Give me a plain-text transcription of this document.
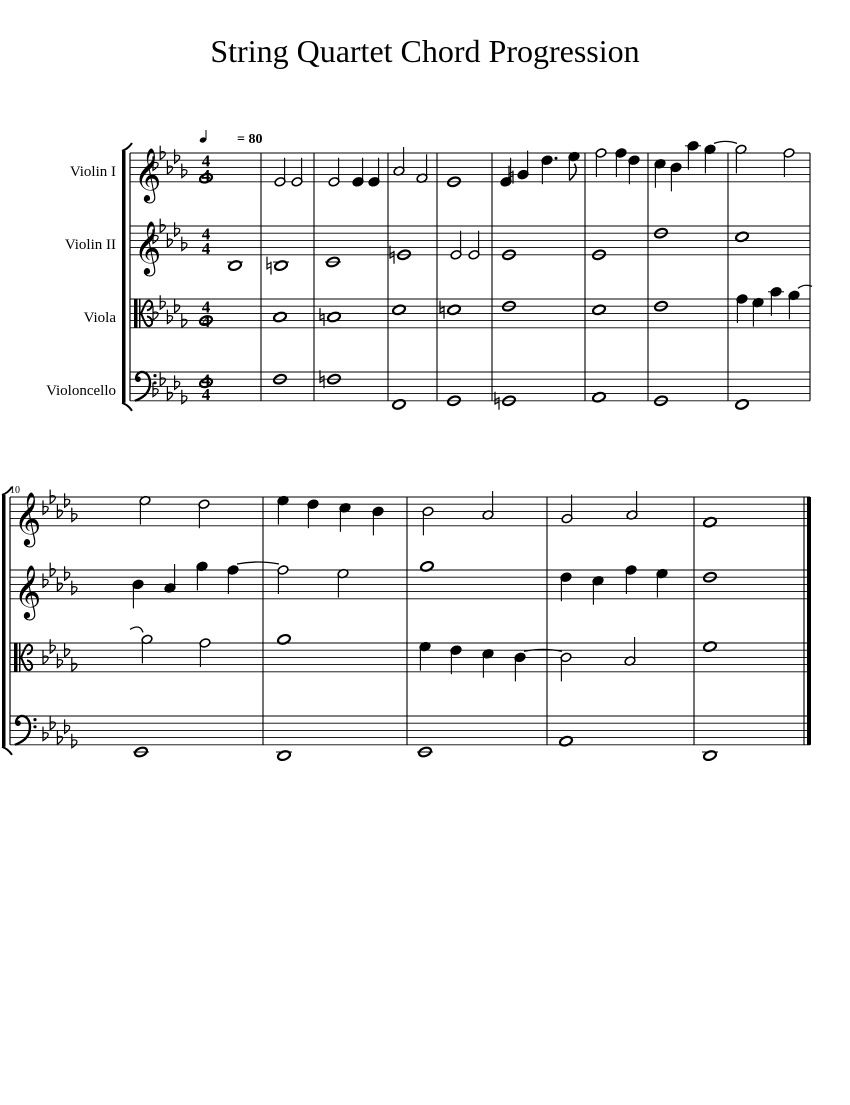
String Quartet Chord Progression
= 80
Violin I
Violin II
Viola
Violoncello
10
𝄞 4
4
𝄞 4
4
4
4
4
4
𝄞
𝄞
